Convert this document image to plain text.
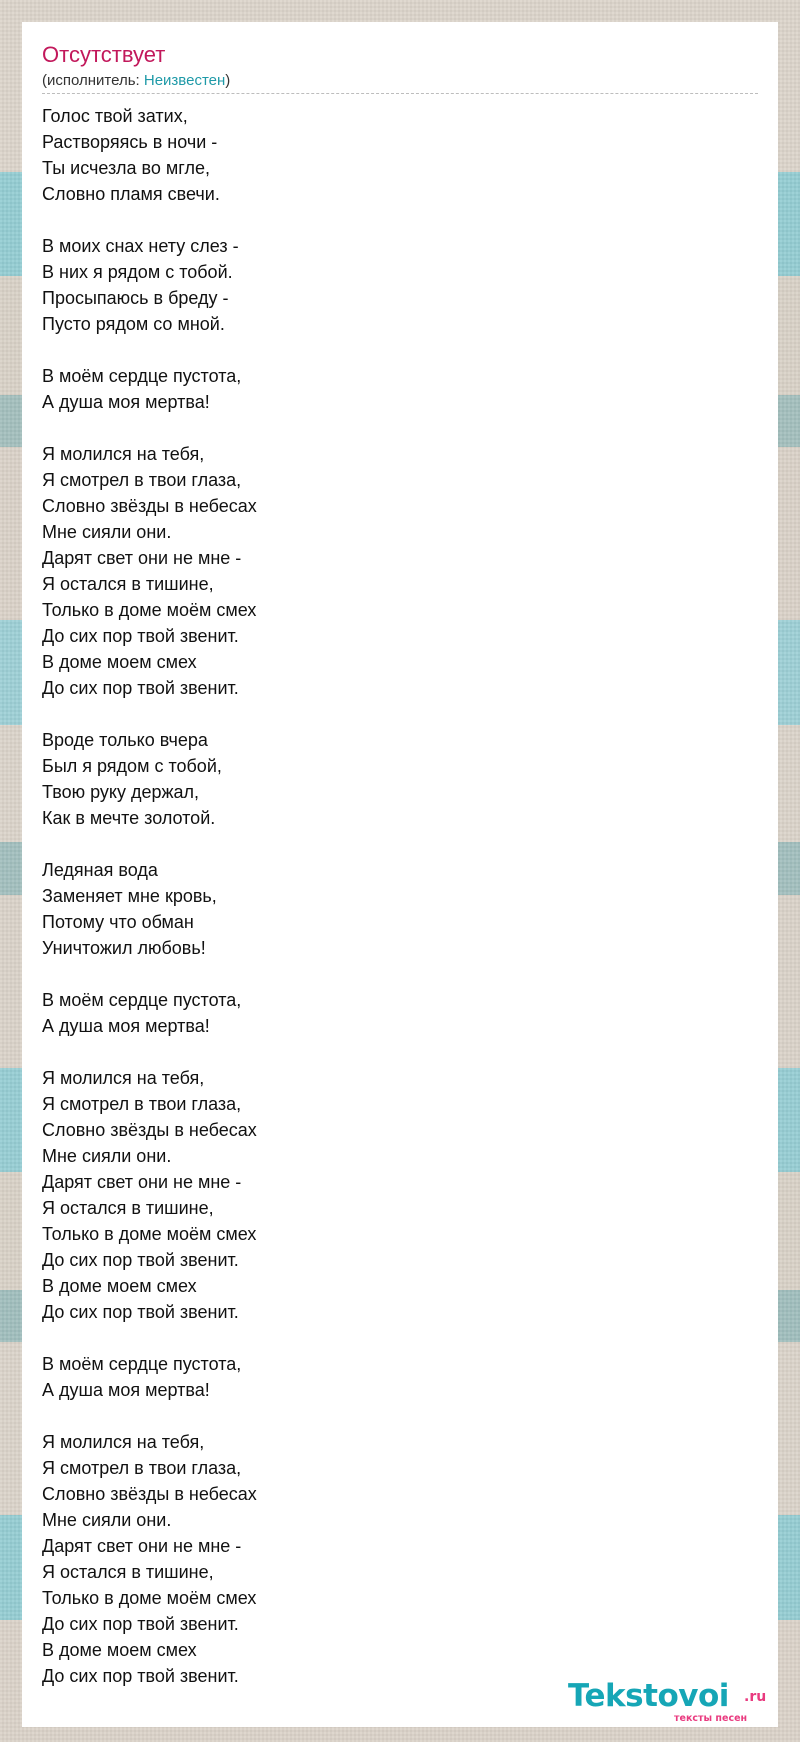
Отсутствует
(исполнитель: Неизвестен)

Голос твой затих,
Растворяясь в ночи -
Ты исчезла во мгле,
Словно пламя свечи.

В моих снах нету слез -
В них я рядом с тобой.
Просыпаюсь в бреду -
Пусто рядом со мной.

В моём сердце пустота,
А душа моя мертва!

Я молился на тебя,
Я смотрел в твои глаза,
Словно звёзды в небесах
Мне сияли они.
Дарят свет они не мне -
Я остался в тишине,
Только в доме моём смех
До сих пор твой звенит.
В доме моем смех
До сих пор твой звенит.

Вроде только вчера
Был я рядом с тобой,
Твою руку держал,
Как в мечте золотой.

Ледяная вода
Заменяет мне кровь,
Потому что обман
Уничтожил любовь!

В моём сердце пустота,
А душа моя мертва!

Я молился на тебя,
Я смотрел в твои глаза,
Словно звёзды в небесах
Мне сияли они.
Дарят свет они не мне -
Я остался в тишине,
Только в доме моём смех
До сих пор твой звенит.
В доме моем смех
До сих пор твой звенит.

В моём сердце пустота,
А душа моя мертва!

Я молился на тебя,
Я смотрел в твои глаза,
Словно звёзды в небесах
Мне сияли они.
Дарят свет они не мне -
Я остался в тишине,
Только в доме моём смех
До сих пор твой звенит.
В доме моем смех
До сих пор твой звенит.

Tekstovoi .ru
тексты песен
